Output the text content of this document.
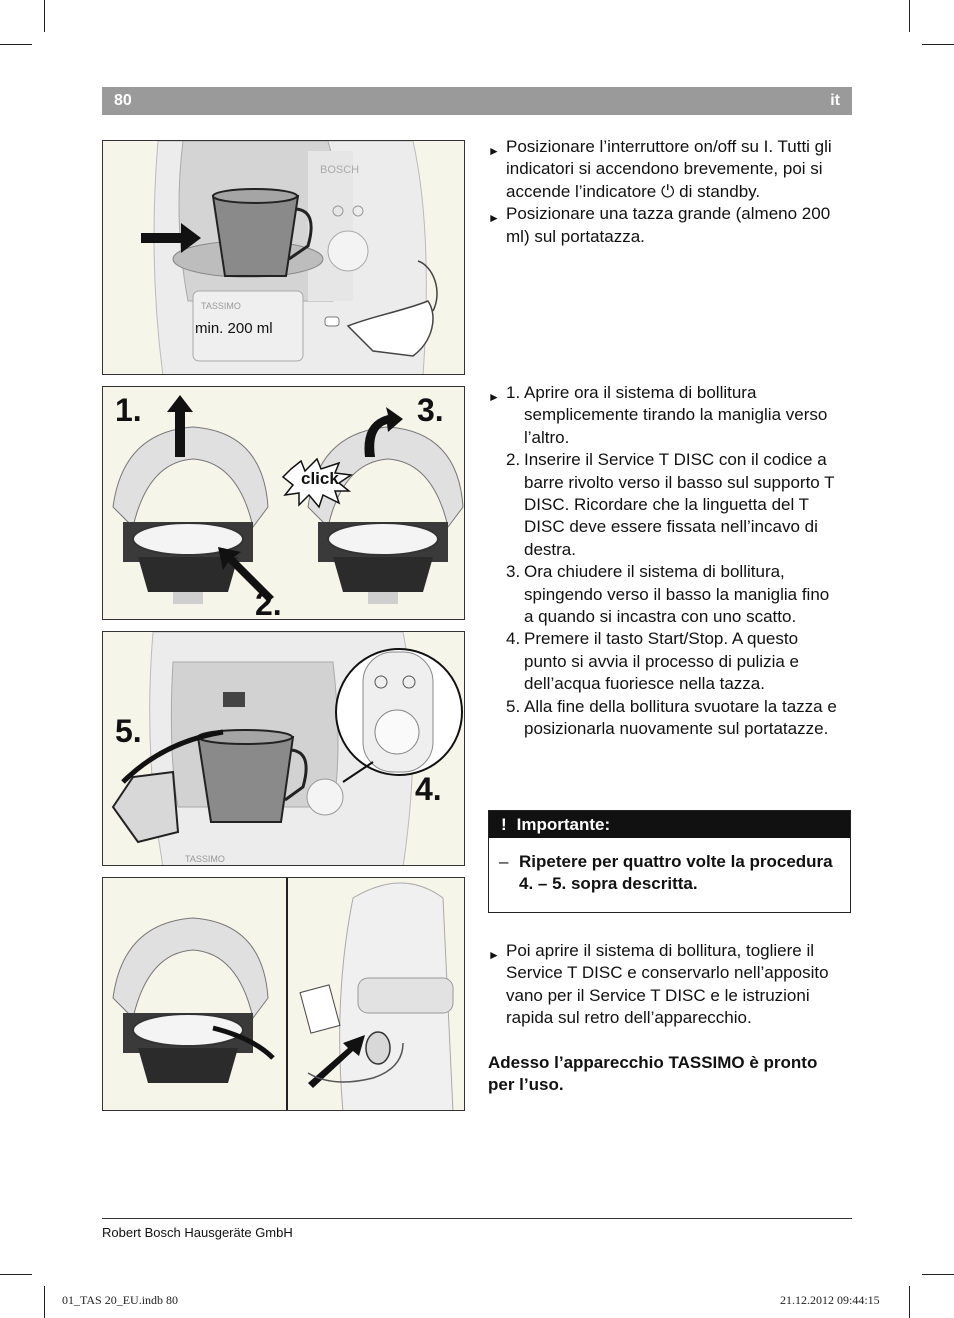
80	it
BOSCH
TASSIMO
min. 200 ml
click
1.
2.
3.
5.
4.
TASSIMO
► Posizionare l’interruttore on/off su I. Tutti gli indicatori si accendono brevemente, poi si accende l’indicatore ⏻ di standby.
► Posizionare una tazza grande (almeno 200 ml) sul portatazza.
► 1. Aprire ora il sistema di bollitura semplicemente tirando la maniglia verso l’altro.
2. Inserire il Service T DISC con il codice a barre rivolto verso il basso sul supporto T DISC. Ricordare che la linguetta del T DISC deve essere fissata nell’incavo di destra.
3. Ora chiudere il sistema di bollitura, spingendo verso il basso la maniglia fino a quando si incastra con uno scatto.
4. Premere il tasto Start/Stop. A questo punto si avvia il processo di pulizia e dell’acqua fuoriesce nella tazza.
5. Alla fine della bollitura svuotare la tazza e posizionarla nuovamente sul portatazze.
! Importante:
– Ripetere per quattro volte la procedura 4. – 5. sopra descritta.
► Poi aprire il sistema di bollitura, togliere il Service T DISC e conservarlo nell’apposito vano per il Service T DISC e le istruzioni rapida sul retro dell’apparecchio.
Adesso l’apparecchio TASSIMO è pronto per l’uso.
Robert Bosch Hausgeräte GmbH
01_TAS 20_EU.indb 80	21.12.2012 09:44:15
